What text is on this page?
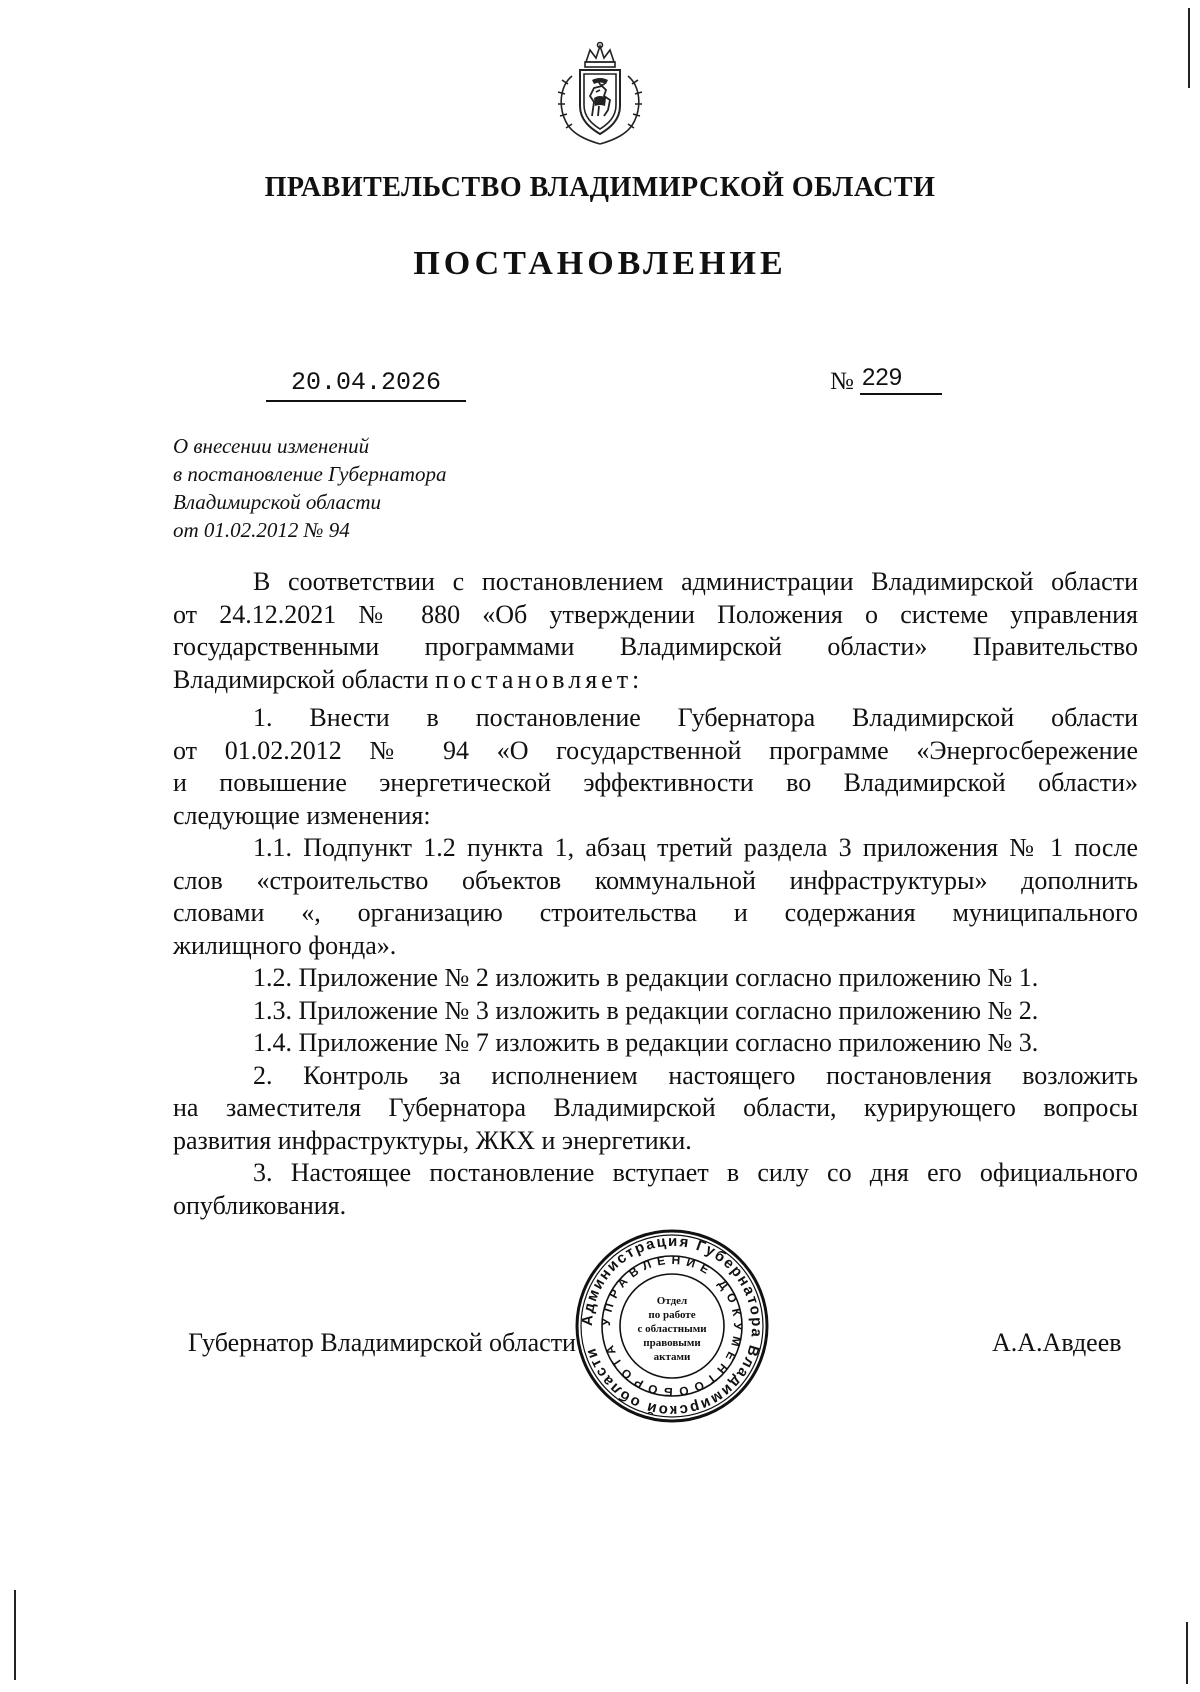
ПРАВИТЕЛЬСТВО ВЛАДИМИРСКОЙ ОБЛАСТИ
ПОСТАНОВЛЕНИЕ
20.04.2026	№ 229
О внесении изменений
в постановление Губернатора
Владимирской области
от 01.02.2012 № 94

В соответствии с постановлением администрации Владимирской области

от 24.12.2021 № 880 «Об утверждении Положения о системе управления

государственными программами Владимирской области» Правительство

Владимирской области постановляет:

1. Внести в постановление Губернатора Владимирской области

от 01.02.2012 № 94 «О государственной программе «Энергосбережение

и повышение энергетической эффективности во Владимирской области»

следующие изменения:

1.1. Подпункт 1.2 пункта 1, абзац третий раздела 3 приложения № 1 после

слов «строительство объектов коммунальной инфраструктуры» дополнить

словами «, организацию строительства и содержания муниципального

жилищного фонда».

1.2. Приложение № 2 изложить в редакции согласно приложению № 1.

1.3. Приложение № 3 изложить в редакции согласно приложению № 2.

1.4. Приложение № 7 изложить в редакции согласно приложению № 3.

2. Контроль за исполнением настоящего постановления возложить

на заместителя Губернатора Владимирской области, курирующего вопросы

развития инфраструктуры, ЖКХ и энергетики.

3. Настоящее постановление вступает в силу со дня его официального

опубликования.

Губернатор Владимирской области	А.А.Авдеев
Администрация Губернатора Владимирской области
УПРАВЛЕНИЕ ДОКУМЕНТООБОРОТА
Отдел
по работе
с областными
правовыми
актами
